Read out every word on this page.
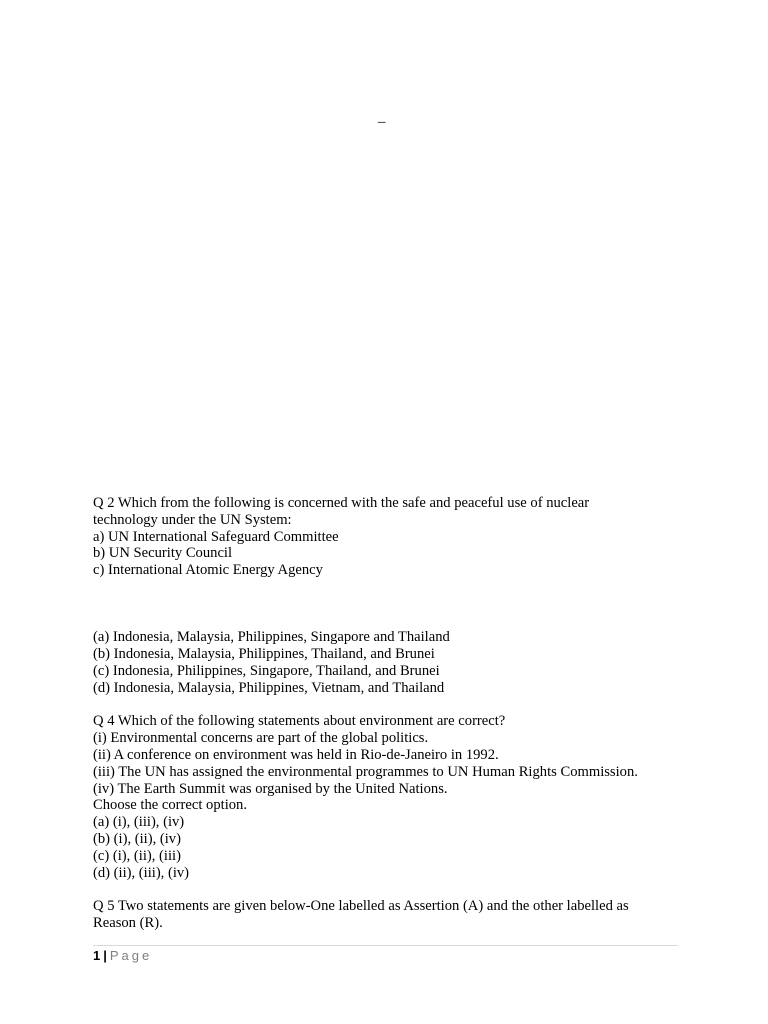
–
Q 2 Which from the following is concerned with the safe and peaceful use of nuclear
technology under the UN System:
a) UN International Safeguard Committee
b) UN Security Council
c) International Atomic Energy Agency
(a) Indonesia, Malaysia, Philippines, Singapore and Thailand
(b) Indonesia, Malaysia, Philippines, Thailand, and Brunei
(c) Indonesia, Philippines, Singapore, Thailand, and Brunei
(d) Indonesia, Malaysia, Philippines, Vietnam, and Thailand
Q 4 Which of the following statements about environment are correct?
(i) Environmental concerns are part of the global politics.
(ii) A conference on environment was held in Rio-de-Janeiro in 1992.
(iii) The UN has assigned the environmental programmes to UN Human Rights Commission.
(iv) The Earth Summit was organised by the United Nations.
Choose the correct option.
(a) (i), (iii), (iv)
(b) (i), (ii), (iv)
(c) (i), (ii), (iii)
(d) (ii), (iii), (iv)
Q 5 Two statements are given below-One labelled as Assertion (A) and the other labelled as
Reason (R).
1 | Page
